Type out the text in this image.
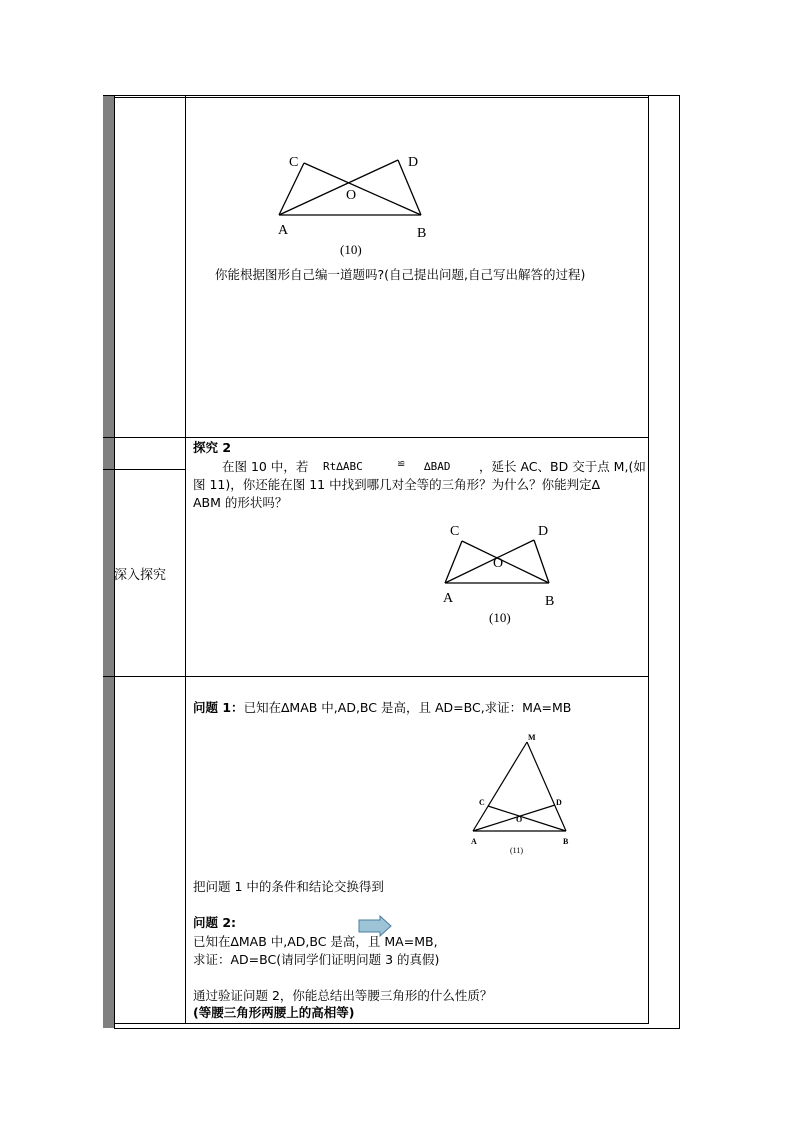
深入探究
C	D
O
A	B
(10)
你能根据图形自己编一道题吗?(自己提出问题,自己写出解答的过程)
探究 2
在图 10 中，若 Rt∆ABC	≌ ∆BAD ，延长 AC、BD 交于点 M,(如
图 11)，你还能在图 11 中找到哪几对全等的三角形？为什么？你能判定∆
ABM 的形状吗？
C	D
O
A	B
(10)
问题 1：已知在∆MAB 中,AD,BC 是高，且 AD=BC,求证：MA=MB
M
C	D
O
A	B
(11)
把问题 1 中的条件和结论交换得到
问题 2:
已知在∆MAB 中,AD,BC 是高，且 MA=MB,
求证：AD=BC(请同学们证明问题 3 的真假)
通过验证问题 2，你能总结出等腰三角形的什么性质？
(等腰三角形两腰上的高相等)
